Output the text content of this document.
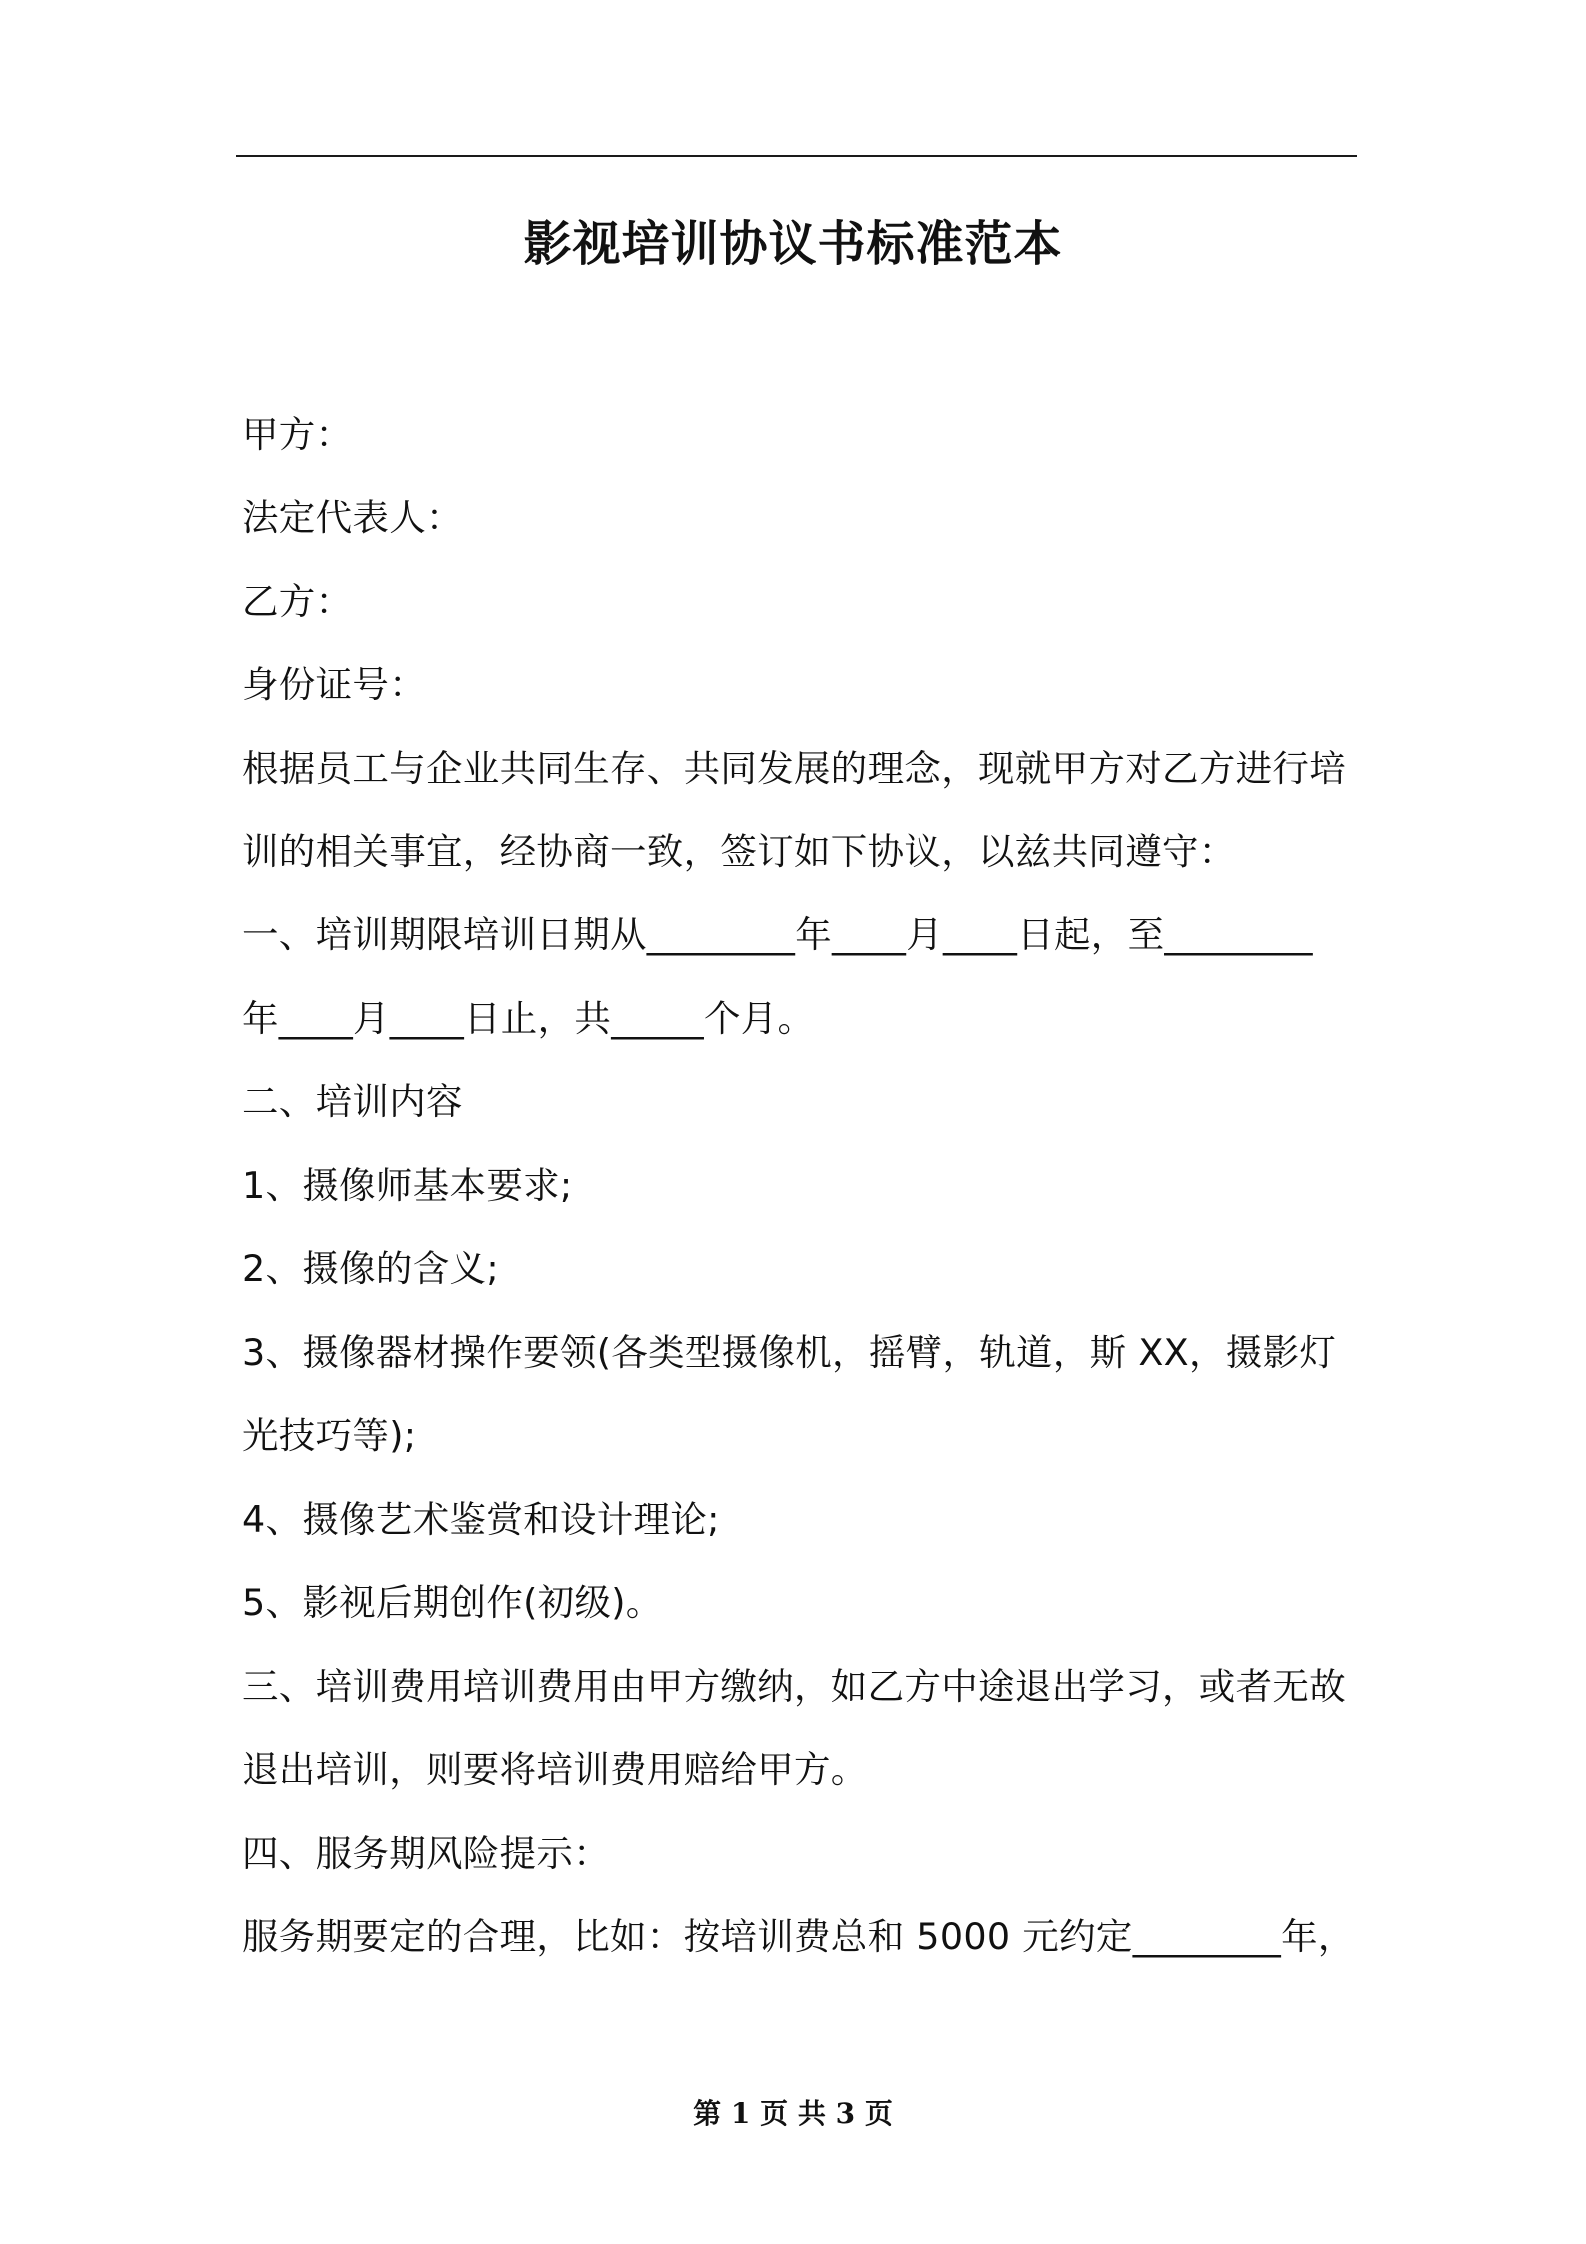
影视培训协议书标准范本
甲方：
法定代表人：
乙方：
身份证号：
根据员工与企业共同生存、共同发展的理念，现就甲方对乙方进行培
训的相关事宜，经协商一致，签订如下协议，以兹共同遵守：
一、培训期限培训日期从________年____月____日起，至________
年____月____日止，共_____个月。
二、培训内容
1、摄像师基本要求;
2、摄像的含义;
3、摄像器材操作要领(各类型摄像机，摇臂，轨道，斯 XX，摄影灯
光技巧等);
4、摄像艺术鉴赏和设计理论;
5、影视后期创作(初级)。
三、培训费用培训费用由甲方缴纳，如乙方中途退出学习，或者无故
退出培训，则要将培训费用赔给甲方。
四、服务期风险提示：
服务期要定的合理，比如：按培训费总和 5000 元约定________年，
第 1 页 共 3 页
